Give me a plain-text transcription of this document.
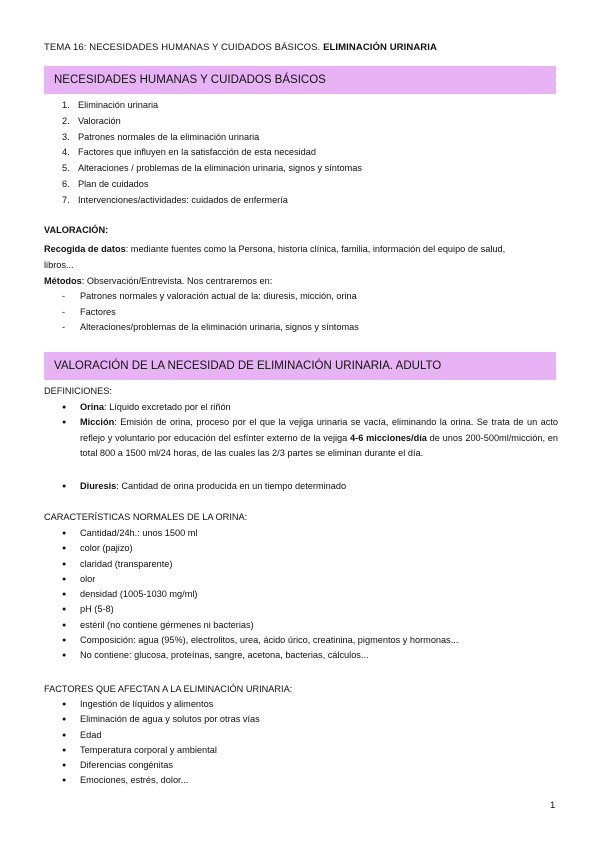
TEMA 16: NECESIDADES HUMANAS Y CUIDADOS BÁSICOS. ELIMINACIÓN URINARIA
NECESIDADES HUMANAS Y CUIDADOS BÁSICOS
1. Eliminación urinaria
2. Valoración
3. Patrones normales de la eliminación urinaria
4. Factores que influyen en la satisfacción de esta necesidad
5. Alteraciones / problemas de la eliminación urinaria, signos y síntomas
6. Plan de cuidados
7. Intervenciones/actividades: cuidados de enfermería
VALORACIÓN:
Recogida de datos: mediante fuentes como la Persona, historia clínica, familia, información del equipo de salud,
libros...
Métodos: Observación/Entrevista. Nos centraremos en:
- Patrones normales y valoración actual de la: diuresis, micción, orina
- Factores
- Alteraciones/problemas de la eliminación urinaria, signos y síntomas
VALORACIÓN DE LA NECESIDAD DE ELIMINACIÓN URINARIA. ADULTO
DEFINICIONES:
● Orina: Líquido excretado por el riñón
● Micción: Emisión de orina, proceso por el que la vejiga urinaria se vacía, eliminando la orina. Se trata de un acto reflejo y voluntario por educación del esfínter externo de la vejiga 4-6 micciones/día de unos 200-500ml/micción, en total 800 a 1500 ml/24 horas, de las cuales las 2/3 partes se eliminan durante el día.
● Diuresis: Cantidad de orina producida en un tiempo determinado
CARACTERÍSTICAS NORMALES DE LA ORINA:
● Cantidad/24h.: unos 1500 ml
● color (pajizo)
● claridad (transparente)
● olor
● densidad (1005-1030 mg/ml)
● pH (5-8)
● estéril (no contiene gérmenes ni bacterias)
● Composición: agua (95%), electrolitos, urea, ácido úrico, creatinina, pigmentos y hormonas...
● No contiene: glucosa, proteínas, sangre, acetona, bacterias, cálculos...
FACTORES QUE AFECTAN A LA ELIMINACIÓN URINARIA:
● Ingestión de líquidos y alimentos
● Eliminación de agua y solutos por otras vías
● Edad
● Temperatura corporal y ambiental
● Diferencias congénitas
● Emociones, estrés, dolor...
1
